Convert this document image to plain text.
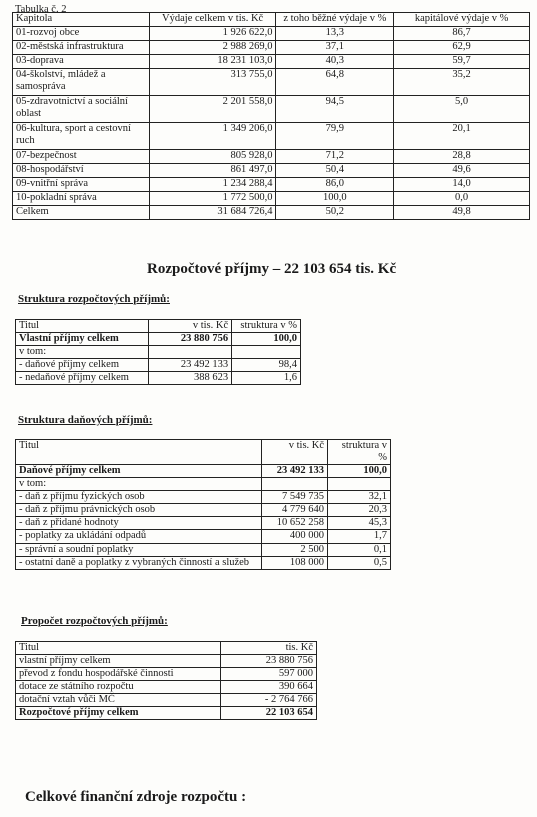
Tabulka č. 2
Kapitola	Výdaje celkem v tis. Kč	z toho běžné výdaje v %	kapitálové výdaje v %
01-rozvoj obce	1 926 622,0	13,3	86,7
02-městská infrastruktura	2 988 269,0	37,1	62,9
03-doprava	18 231 103,0	40,3	59,7
04-školství, mládež a samospráva	313 755,0	64,8	35,2
05-zdravotnictví a sociální oblast	2 201 558,0	94,5	5,0
06-kultura, sport a cestovní ruch	1 349 206,0	79,9	20,1
07-bezpečnost	805 928,0	71,2	28,8
08-hospodářství	861 497,0	50,4	49,6
09-vnitřní správa	1 234 288,4	86,0	14,0
10-pokladní správa	1 772 500,0	100,0	0,0
Celkem	31 684 726,4	50,2	49,8
Rozpočtové příjmy – 22 103 654 tis. Kč
Struktura rozpočtových příjmů:
Titul	v tis. Kč	struktura v %
Vlastní příjmy celkem	23 880 756	100,0
v tom:		
- daňové příjmy celkem	23 492 133	98,4
- nedaňové příjmy celkem	388 623	1,6
Struktura daňových příjmů:
Titul	v tis. Kč	struktura v %
Daňové příjmy celkem	23 492 133	100,0
v tom:		
- daň z příjmu fyzických osob	7 549 735	32,1
- daň z příjmu právnických osob	4 779 640	20,3
- daň z přidané hodnoty	10 652 258	45,3
- poplatky za ukládání odpadů	400 000	1,7
- správní a soudní poplatky	2 500	0,1
- ostatní daně a poplatky z vybraných činností a služeb	108 000	0,5
Propočet rozpočtových příjmů:
Titul	tis. Kč
vlastní příjmy celkem	23 880 756
převod z fondu hospodářské činnosti	597 000
dotace ze státního rozpočtu	390 664
dotační vztah vůči MČ	- 2 764 766
Rozpočtové příjmy celkem	22 103 654
Celkové finanční zdroje rozpočtu :
